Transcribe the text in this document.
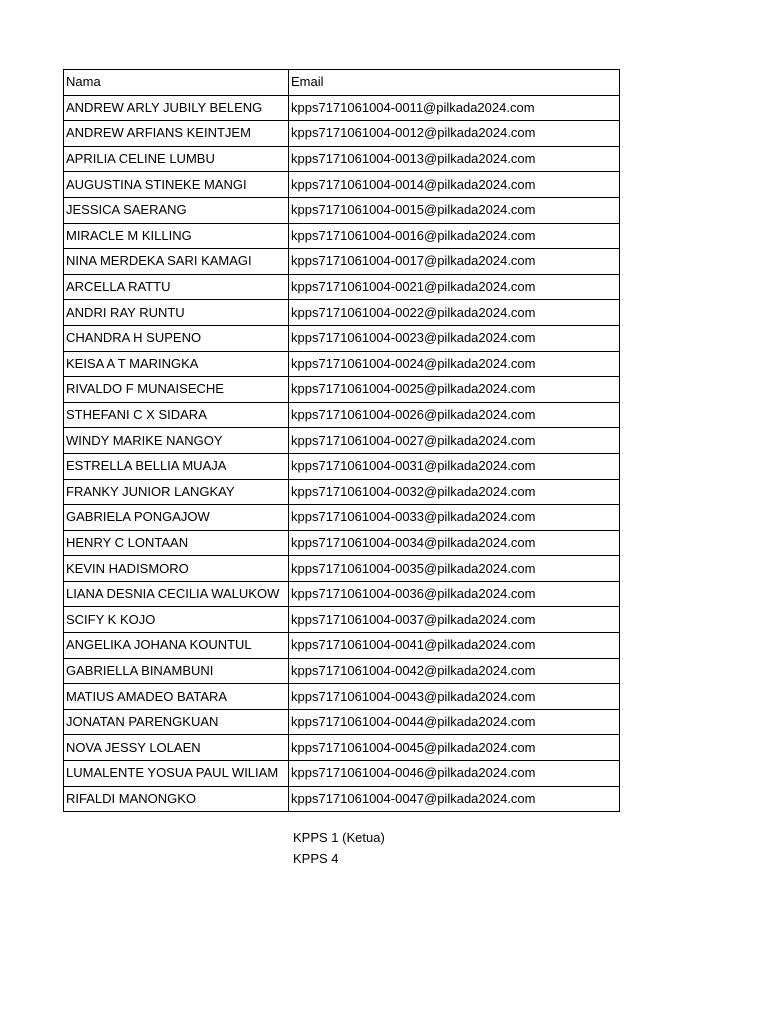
Nama	Email
ANDREW ARLY JUBILY BELENG	kpps7171061004-0011@pilkada2024.com
ANDREW ARFIANS KEINTJEM	kpps7171061004-0012@pilkada2024.com
APRILIA CELINE LUMBU	kpps7171061004-0013@pilkada2024.com
AUGUSTINA STINEKE MANGI	kpps7171061004-0014@pilkada2024.com
JESSICA SAERANG	kpps7171061004-0015@pilkada2024.com
MIRACLE M KILLING	kpps7171061004-0016@pilkada2024.com
NINA MERDEKA SARI KAMAGI	kpps7171061004-0017@pilkada2024.com
ARCELLA RATTU	kpps7171061004-0021@pilkada2024.com
ANDRI RAY RUNTU	kpps7171061004-0022@pilkada2024.com
CHANDRA H SUPENO	kpps7171061004-0023@pilkada2024.com
KEISA A T MARINGKA	kpps7171061004-0024@pilkada2024.com
RIVALDO F MUNAISECHE	kpps7171061004-0025@pilkada2024.com
STHEFANI C X SIDARA	kpps7171061004-0026@pilkada2024.com
WINDY MARIKE NANGOY	kpps7171061004-0027@pilkada2024.com
ESTRELLA BELLIA MUAJA	kpps7171061004-0031@pilkada2024.com
FRANKY JUNIOR LANGKAY	kpps7171061004-0032@pilkada2024.com
GABRIELA PONGAJOW	kpps7171061004-0033@pilkada2024.com
HENRY C LONTAAN	kpps7171061004-0034@pilkada2024.com
KEVIN HADISMORO	kpps7171061004-0035@pilkada2024.com
LIANA DESNIA CECILIA WALUKOW	kpps7171061004-0036@pilkada2024.com
SCIFY K KOJO	kpps7171061004-0037@pilkada2024.com
ANGELIKA JOHANA KOUNTUL	kpps7171061004-0041@pilkada2024.com
GABRIELLA BINAMBUNI	kpps7171061004-0042@pilkada2024.com
MATIUS AMADEO BATARA	kpps7171061004-0043@pilkada2024.com
JONATAN PARENGKUAN	kpps7171061004-0044@pilkada2024.com
NOVA JESSY LOLAEN	kpps7171061004-0045@pilkada2024.com
LUMALENTE YOSUA PAUL WILIAM	kpps7171061004-0046@pilkada2024.com
RIFALDI MANONGKO	kpps7171061004-0047@pilkada2024.com
KPPS 1 (Ketua)
KPPS 4
